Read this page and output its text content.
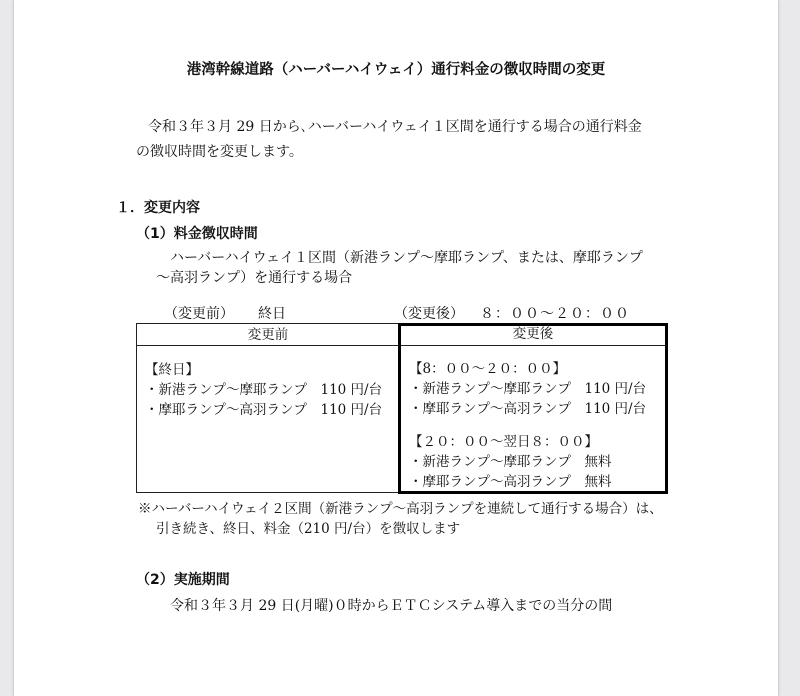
港湾幹線道路（ハーバーハイウェイ）通行料金の徴収時間の変更
令和３年３月 29 日から､ハーバーハイウェイ１区間を通行する場合の通行料金
の徴収時間を変更します。
１．変更内容
（1）料金徴収時間
ハーバーハイウェイ１区間（新港ランプ～摩耶ランプ、または、摩耶ランプ
～高羽ランプ）を通行する場合
（変更前） 終日	（変更後） ８：００～２０：００
変更前
【終日】
・新港ランプ～摩耶ランプ　110 円/台
・摩耶ランプ～高羽ランプ　110 円/台
変更後
【8：００～２０：００】
・新港ランプ～摩耶ランプ　110 円/台
・摩耶ランプ～高羽ランプ　110 円/台
【２０：００～翌日８：００】
・新港ランプ～摩耶ランプ　無料
・摩耶ランプ～高羽ランプ　無料
※ハーバーハイウェイ２区間（新港ランプ～高羽ランプを連続して通行する場合）は、
引き続き、終日、料金（210 円/台）を徴収します
（2）実施期間
令和３年３月 29 日(月曜)０時からＥＴＣシステム導入までの当分の間
